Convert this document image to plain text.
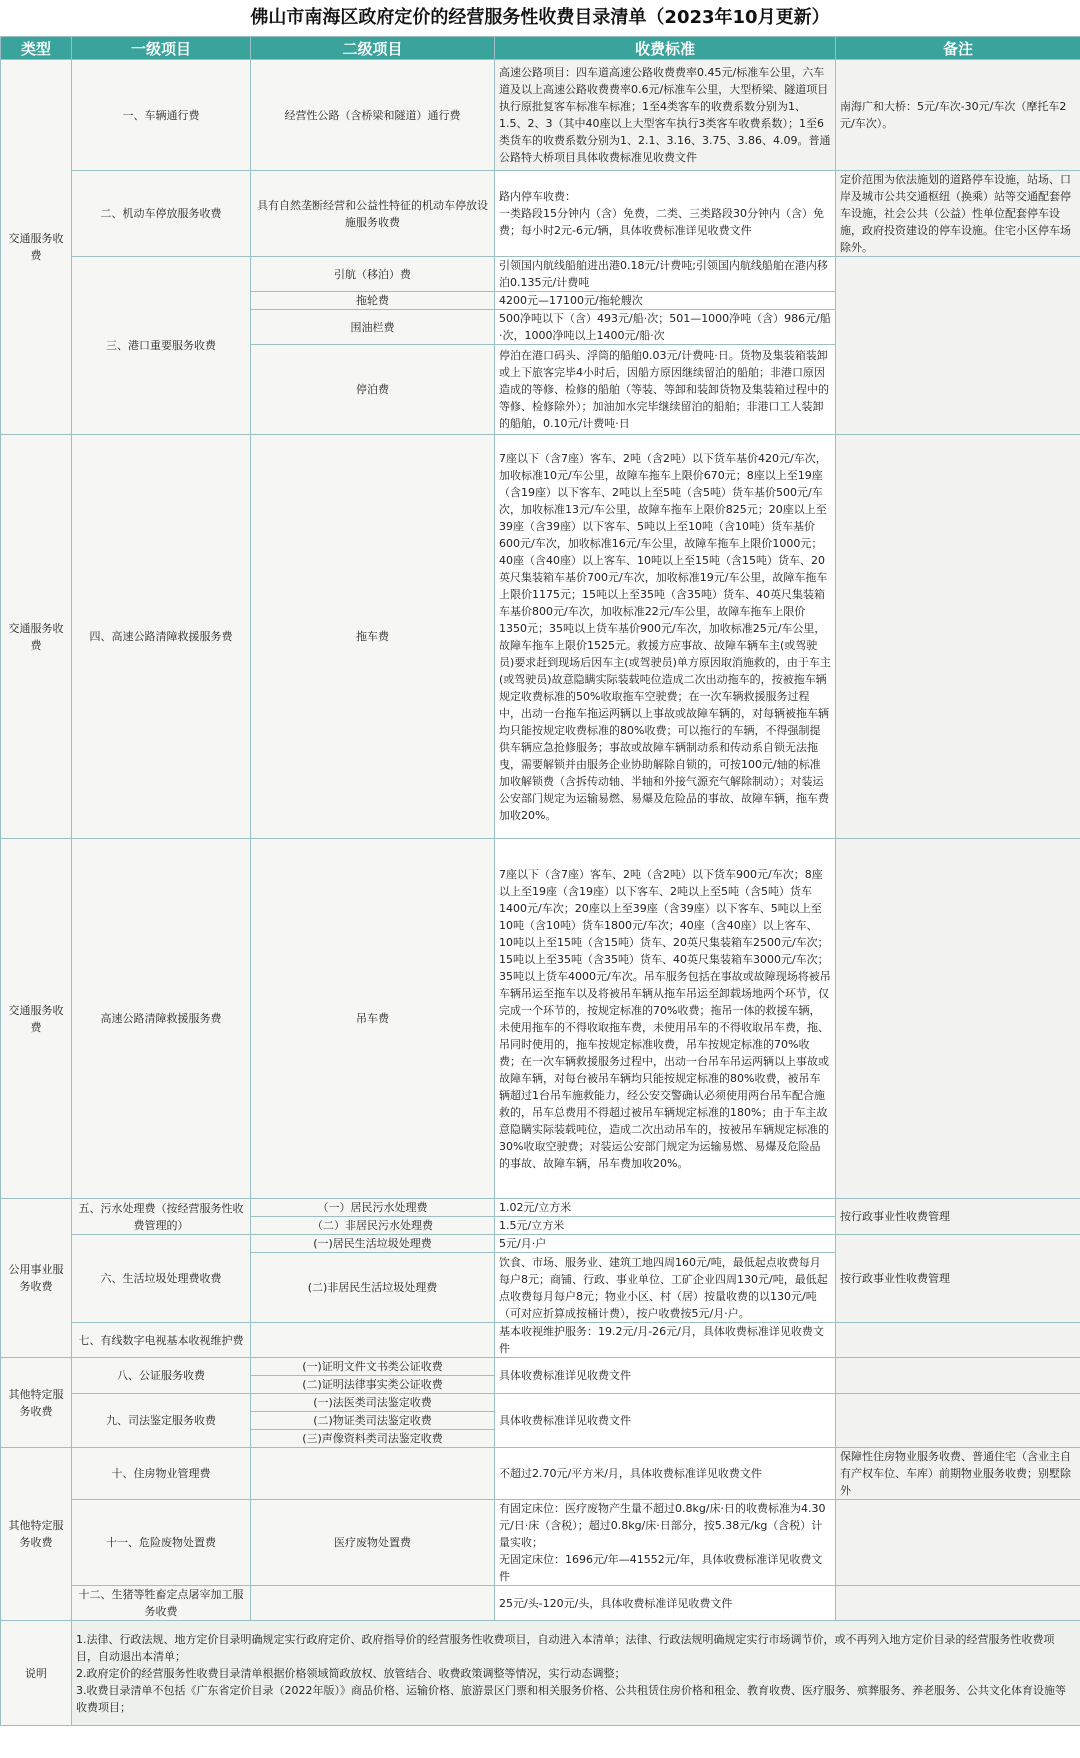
佛山市南海区政府定价的经营服务性收费目录清单（2023年10月更新）
类型	一级项目	二级项目	收费标准	备注
交通服务收费	一、车辆通行费	经营性公路（含桥梁和隧道）通行费	高速公路项目：四车道高速公路收费费率0.45元/标准车公里，六车道及以上高速公路收费费率0.6元/标准车公里，大型桥梁、隧道项目执行原批复客车标准车标准；1至4类客车的收费系数分别为1、1.5、2、3（其中40座以上大型客车执行3类客车收费系数）；1至6类货车的收费系数分别为1、2.1、3.16、3.75、3.86、4.09。普通公路特大桥项目具体收费标准见收费文件	南海广和大桥：5元/车次-30元/车次（摩托车2元/车次）。
	二、机动车停放服务收费	具有自然垄断经营和公益性特征的机动车停放设施服务收费	路内停车收费：
一类路段15分钟内（含）免费，二类、三类路段30分钟内（含）免费；每小时2元-6元/辆，具体收费标准详见收费文件	定价范围为依法施划的道路停车设施，站场、口岸及城市公共交通枢纽（换乘）站等交通配套停车设施，社会公共（公益）性单位配套停车设施，政府投资建设的停车设施。住宅小区停车场除外。
	三、港口重要服务收费	引航（移泊）费	引领国内航线船舶进出港0.18元/计费吨;引领国内航线船舶在港内移泊0.135元/计费吨	
		拖轮费	4200元—17100元/拖轮艘次	
		围油栏费	500净吨以下（含）493元/船·次；501—1000净吨（含）986元/船·次，1000净吨以上1400元/船·次	
		停泊费	停泊在港口码头、浮筒的船舶0.03元/计费吨·日。货物及集装箱装卸或上下旅客完毕4小时后，因船方原因继续留泊的船舶；非港口原因造成的等修、检修的船舶（等装、等卸和装卸货物及集装箱过程中的等修、检修除外）；加油加水完毕继续留泊的船舶；非港口工人装卸的船舶，0.10元/计费吨·日	

交通服务收费	四、高速公路清障救援服务费	拖车费	7座以下（含7座）客车、2吨（含2吨）以下货车基价420元/车次，加收标准10元/车公里，故障车拖车上限价670元；8座以上至19座（含19座）以下客车、2吨以上至5吨（含5吨）货车基价500元/车次，加收标准13元/车公里，故障车拖车上限价825元；20座以上至39座（含39座）以下客车、5吨以上至10吨（含10吨）货车基价600元/车次，加收标准16元/车公里，故障车拖车上限价1000元；40座（含40座）以上客车、10吨以上至15吨（含15吨）货车、20英尺集装箱车基价700元/车次，加收标准19元/车公里，故障车拖车上限价1175元；15吨以上至35吨（含35吨）货车、40英尺集装箱车基价800元/车次，加收标准22元/车公里，故障车拖车上限价1350元；35吨以上货车基价900元/车次，加收标准25元/车公里，故障车拖车上限价1525元。救援方应事故、故障车辆车主(或驾驶员)要求赶到现场后因车主(或驾驶员)单方原因取消施救的，由于车主(或驾驶员)故意隐瞒实际装载吨位造成二次出动拖车的，按被拖车辆规定收费标准的50%收取拖车空驶费；在一次车辆救援服务过程中，出动一台拖车拖运两辆以上事故或故障车辆的，对每辆被拖车辆均只能按规定收费标准的80%收费；可以拖行的车辆，不得强制提供车辆应急抢修服务；事故或故障车辆制动系和传动系自锁无法拖曳，需要解锁并由服务企业协助解除自锁的，可按100元/轴的标准加收解锁费（含拆传动轴、半轴和外接气源充气解除制动）；对装运公安部门规定为运输易燃、易爆及危险品的事故、故障车辆，拖车费加收20%。	
交通服务收费	高速公路清障救援服务费	吊车费	7座以下（含7座）客车、2吨（含2吨）以下货车900元/车次；8座以上至19座（含19座）以下客车、2吨以上至5吨（含5吨）货车1400元/车次；20座以上至39座（含39座）以下客车、5吨以上至10吨（含10吨）货车1800元/车次；40座（含40座）以上客车、10吨以上至15吨（含15吨）货车、20英尺集装箱车2500元/车次；15吨以上至35吨（含35吨）货车、40英尺集装箱车3000元/车次；35吨以上货车4000元/车次。吊车服务包括在事故或故障现场将被吊车辆吊运至拖车以及将被吊车辆从拖车吊运至卸载场地两个环节，仅完成一个环节的，按规定标准的70%收费；拖吊一体的救援车辆，未使用拖车的不得收取拖车费，未使用吊车的不得收取吊车费，拖、吊同时使用的，拖车按规定标准收费，吊车按规定标准的70%收费；在一次车辆救援服务过程中，出动一台吊车吊运两辆以上事故或故障车辆，对每台被吊车辆均只能按规定标准的80%收费，被吊车辆超过1台吊车施救能力，经公安交警确认必须使用两台吊车配合施救的，吊车总费用不得超过被吊车辆规定标准的180%；由于车主故意隐瞒实际装载吨位，造成二次出动吊车的，按被吊车辆规定标准的30%收取空驶费；对装运公安部门规定为运输易燃、易爆及危险品的事故、故障车辆，吊车费加收20%。	
公用事业服务收费	五、污水处理费（按经营服务性收费管理的）	（一）居民污水处理费	1.02元/立方米	按行政事业性收费管理
		（二）非居民污水处理费	1.5元/立方米	
	六、生活垃圾处理费收费	(一)居民生活垃圾处理费	5元/月·户	按行政事业性收费管理
		(二)非居民生活垃圾处理费	饮食、市场、服务业、建筑工地四周160元/吨，最低起点收费每月每户8元；商铺、行政、事业单位、工矿企业四周130元/吨，最低起点收费每月每户8元；物业小区、村（居）按量收费的以130元/吨（可对应折算成按桶计费），按户收费按5元/月·户。	
	七、有线数字电视基本收视维护费		基本收视维护服务：19.2元/月-26元/月，具体收费标准详见收费文件	

其他特定服务收费	八、公证服务收费	(一)证明文件文书类公证收费	具体收费标准详见收费文件	
		(二)证明法律事实类公证收费		
	九、司法鉴定服务收费	(一)法医类司法鉴定收费	具体收费标准详见收费文件	
		(二)物证类司法鉴定收费		
		(三)声像资料类司法鉴定收费		
其他特定服务收费	十、住房物业管理费		不超过2.70元/平方米/月，具体收费标准详见收费文件	保障性住房物业服务收费、普通住宅（含业主自有产权车位、车库）前期物业服务收费；别墅除外
	十一、危险废物处置费	医疗废物处置费	有固定床位：医疗废物产生量不超过0.8kg/床·日的收费标准为4.30元/日·床（含税）；超过0.8kg/床·日部分，按5.38元/kg（含税）计量实收；
无固定床位：1696元/年—41552元/年，具体收费标准详见收费文件	
	十二、生猪等牲畜定点屠宰加工服务收费		25元/头-120元/头，具体收费标准详见收费文件	
说明	1.法律、行政法规、地方定价目录明确规定实行政府定价、政府指导价的经营服务性收费项目，自动进入本清单；法律、行政法规明确规定实行市场调节价，或不再列入地方定价目录的经营服务性收费项目，自动退出本清单；
2.政府定价的经营服务性收费目录清单根据价格领域简政放权、放管结合、收费政策调整等情况，实行动态调整；
3.收费目录清单不包括《广东省定价目录（2022年版）》商品价格、运输价格、旅游景区门票和相关服务价格、公共租赁住房价格和租金、教育收费、医疗服务、殡葬服务、养老服务、公共文化体育设施等收费项目；			
